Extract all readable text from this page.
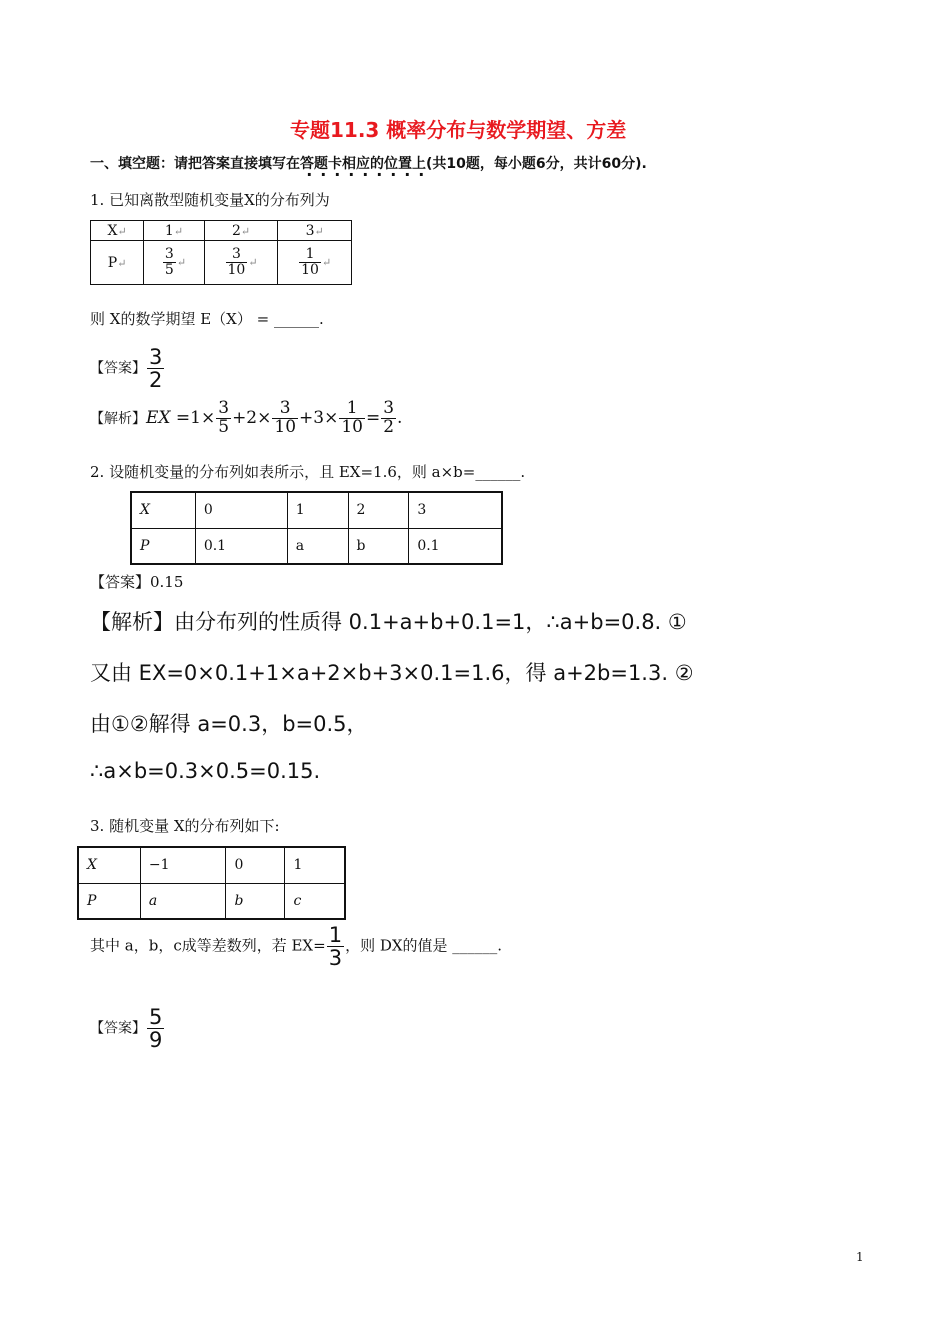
专题11.3 概率分布与数学期望、方差
一、填空题：请把答案直接填写在答题卡相应的位置上(共10题，每小题6分，共计60分).
1. 已知离散型随机变量X的分布列为
X↵	1↵	2↵	3↵
P↵	$\frac{3}{5}$ ↵	$\frac{3}{10}$ ↵	$\frac{1}{10}$ ↵
则 X的数学期望 E（X） = ______.
【答案】 $\frac{3}{2}$
【解析】EX $=1\times \frac{3}{5} +2\times \frac{3}{10} +3\times \frac{1}{10} = \frac{3}{2}$ .
2. 设随机变量的分布列如表所示，且 EX=1.6，则 a×b=______.
X	0	1	2	3
P	0.1	a	b	0.1
【答案】0.15
【解析】由分布列的性质得 0.1+a+b+0.1=1，∴a+b=0.8. ①
又由 EX=0×0.1+1×a+2×b+3×0.1=1.6，得 a+2b=1.3. ②
由①②解得 a=0.3，b=0.5，
∴a×b=0.3×0.5=0.15.
3. 随机变量 X的分布列如下:
X	−1	0	1
P	a	b	c
其中 a，b，c成等差数列，若 $EX= \frac{1}{3}$ ，则 DX的值是 ______.
【答案】 $\frac{5}{9}$
1
